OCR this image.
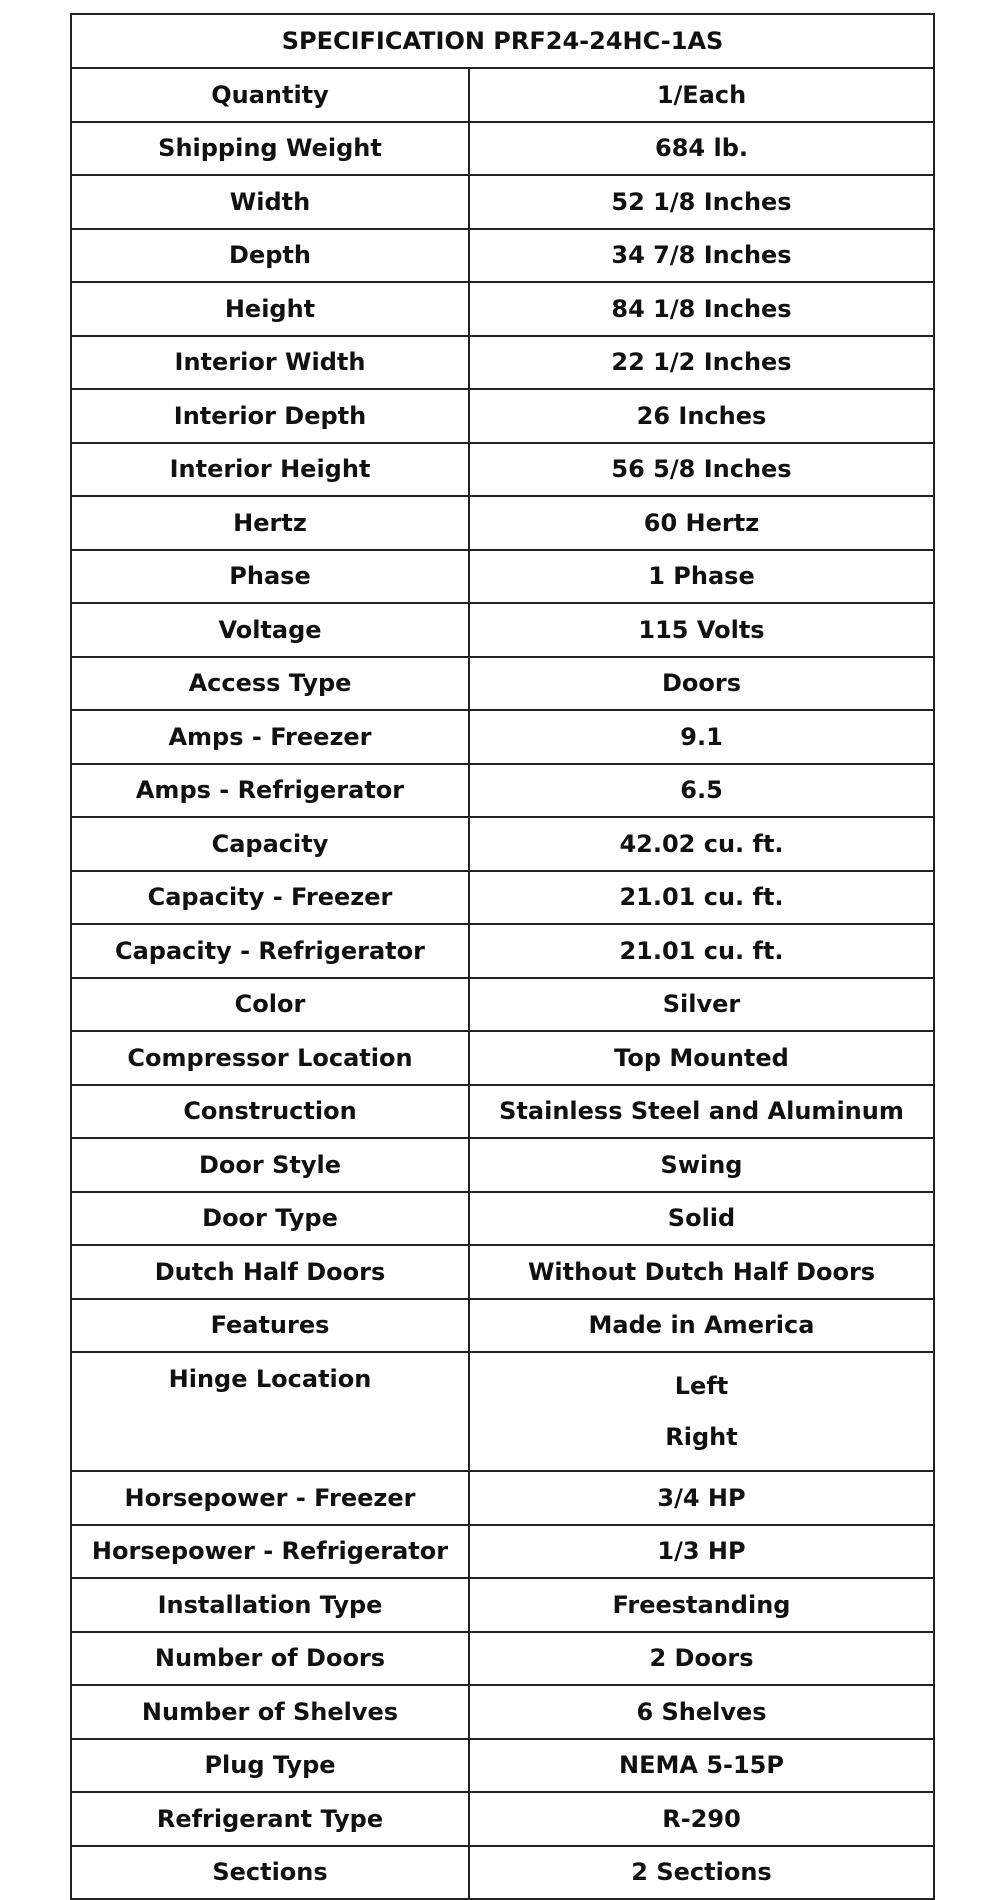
SPECIFICATION PRF24-24HC-1AS	
Quantity	1/Each
Shipping Weight	684 lb.
Width	52 1/8 Inches
Depth	34 7/8 Inches
Height	84 1/8 Inches
Interior Width	22 1/2 Inches
Interior Depth	26 Inches
Interior Height	56 5/8 Inches
Hertz	60 Hertz
Phase	1 Phase
Voltage	115 Volts
Access Type	Doors
Amps - Freezer	9.1
Amps - Refrigerator	6.5
Capacity	42.02 cu. ft.
Capacity - Freezer	21.01 cu. ft.
Capacity - Refrigerator	21.01 cu. ft.
Color	Silver
Compressor Location	Top Mounted
Construction	Stainless Steel and Aluminum
Door Style	Swing
Door Type	Solid
Dutch Half Doors	Without Dutch Half Doors
Features	Made in America
Hinge Location	Left
Right

Horsepower - Freezer	3/4 HP
Horsepower - Refrigerator	1/3 HP
Installation Type	Freestanding
Number of Doors	2 Doors
Number of Shelves	6 Shelves
Plug Type	NEMA 5-15P
Refrigerant Type	R-290
Sections	2 Sections
